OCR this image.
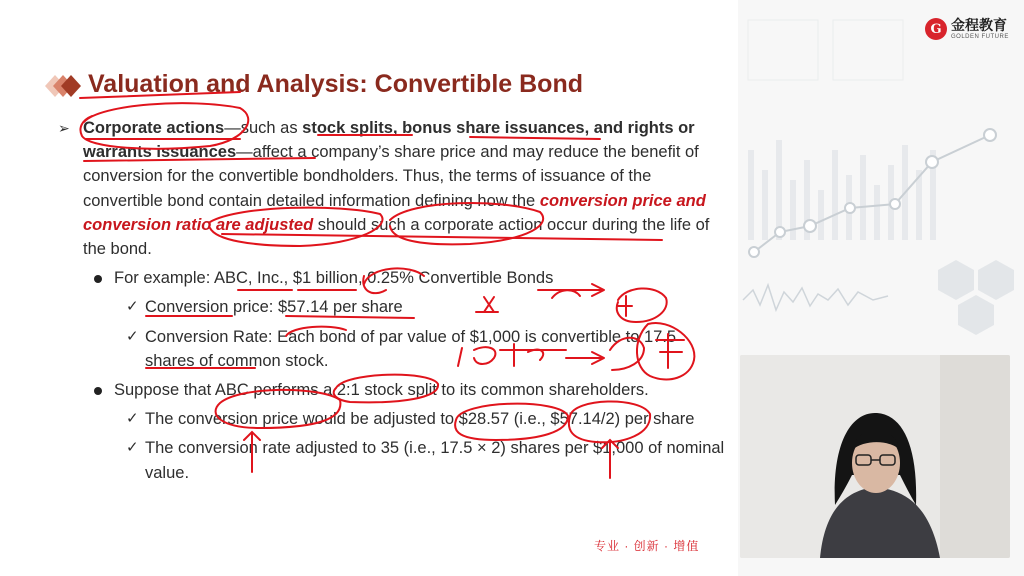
G 金程教育
GOLDEN FUTURE
Valuation and Analysis: Convertible Bond
➢ Corporate actions—such as stock splits, bonus share issuances, and rights or warrants issuances—affect a company’s share price and may reduce the benefit of conversion for the convertible bondholders. Thus, the terms of issuance of the convertible bond contain detailed information defining how the conversion price and conversion ratio are adjusted should such a corporate action occur during the life of the bond.
For example: ABC, Inc., $1 billion, 0.25% Convertible Bonds
✓ Conversion price: $57.14 per share
✓ Conversion Rate: Each bond of par value of $1,000 is convertible to 17.5 shares of common stock.
Suppose that ABC performs a 2:1 stock split to its common shareholders.
✓ The conversion price would be adjusted to $28.57 (i.e., $57.14/2) per share
✓ The conversion rate adjusted to 35 (i.e., 17.5 × 2) shares per $1,000 of nominal value.
专业 · 创新 · 增值
